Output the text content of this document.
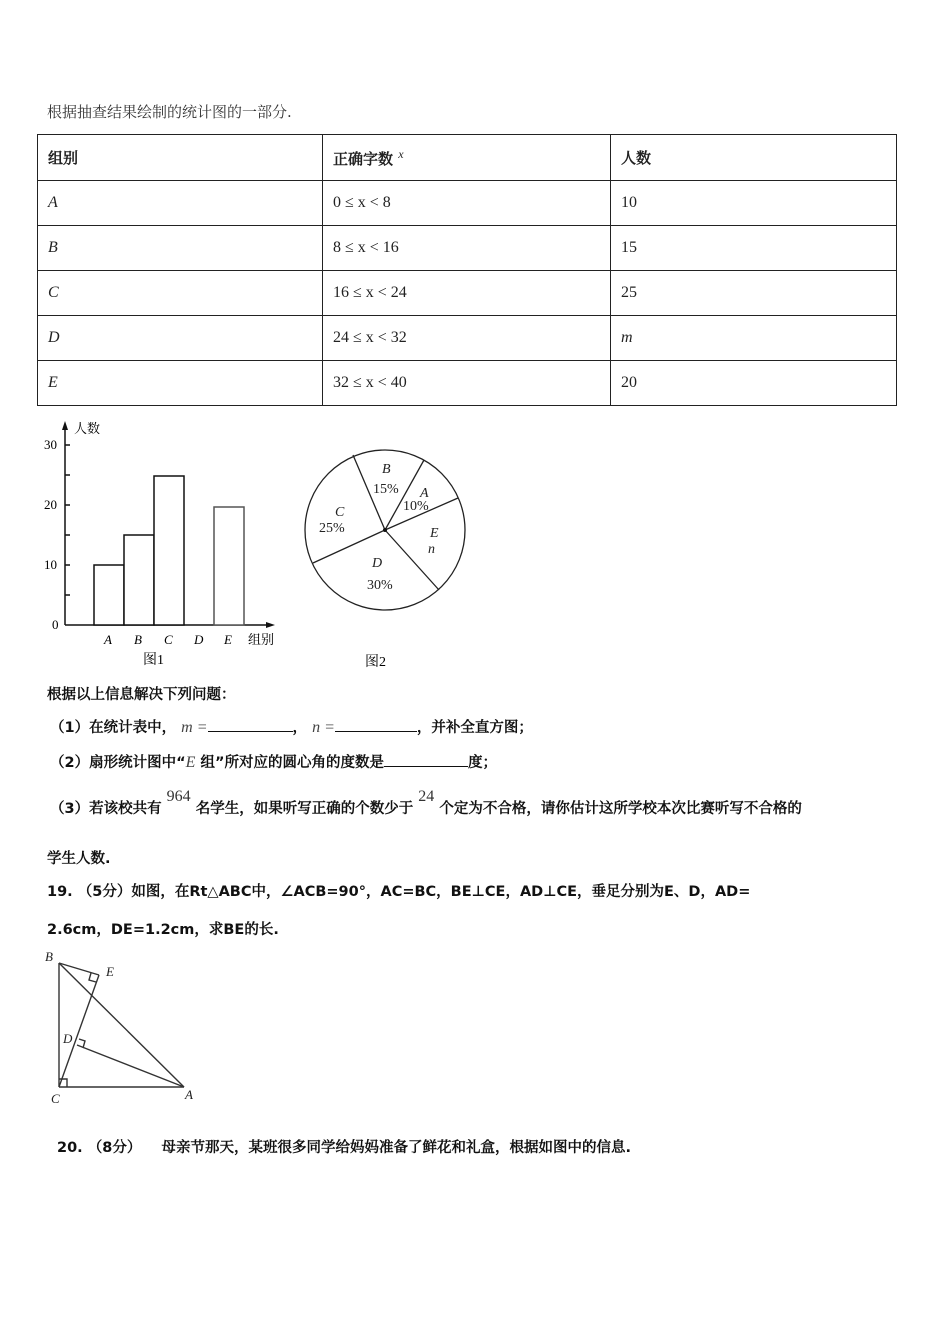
根据抽查结果绘制的统计图的一部分.
组别	正确字数 $^x$	人数
A	0 ≤ x < 8	10
B	8 ≤ x < 16	15
C	16 ≤ x < 24	25
D	24 ≤ x < 32	m
E	32 ≤ x < 40	20
人数
30
20
10
0
A B C D E 组别
图1
B
A
C
E
n
D
15%
10%
25%
30%
图2
根据以上信息解决下列问题：
（1）在统计表中， m =	， n =	，并补全直方图；
（2）扇形统计图中“E 组”所对应的圆心角的度数是	度；
（3）若该校共有 964 名学生，如果听写正确的个数少于 24 个定为不合格，请你估计这所学校本次比赛听写不合格的
学生人数.
19. （5分）如图，在Rt△ABC中，∠ACB=90°，AC=BC，BE⊥CE，AD⊥CE，垂足分别为E、D，AD=
2.6cm，DE=1.2cm，求BE的长.
B
E
D
C	A
20. （8分）    母亲节那天，某班很多同学给妈妈准备了鲜花和礼盒，根据如图中的信息.
